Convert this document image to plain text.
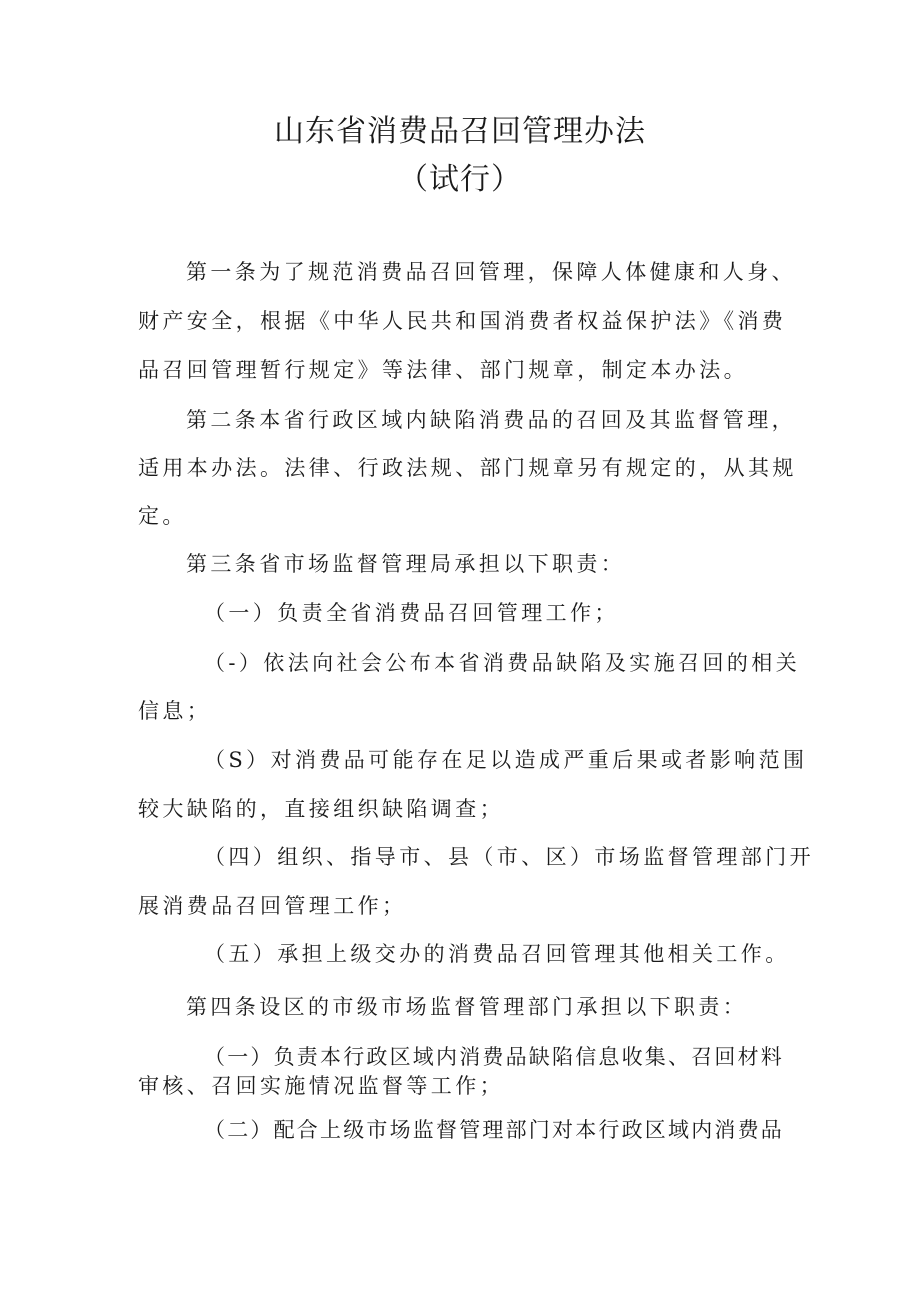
山东省消费品召回管理办法
（试行）
第一条为了规范消费品召回管理，保障人体健康和人身、
财产安全，根据《中华人民共和国消费者权益保护法》《消费
品召回管理暂行规定》等法律、部门规章，制定本办法。
第二条本省行政区域内缺陷消费品的召回及其监督管理，
适用本办法。法律、行政法规、部门规章另有规定的，从其规
定。
第三条省市场监督管理局承担以下职责：
（一）负责全省消费品召回管理工作；
（-）依法向社会公布本省消费品缺陷及实施召回的相关
信息；
（S）对消费品可能存在足以造成严重后果或者影响范围
较大缺陷的，直接组织缺陷调查；
（四）组织、指导市、县（市、区）市场监督管理部门开
展消费品召回管理工作；
（五）承担上级交办的消费品召回管理其他相关工作。
第四条设区的市级市场监督管理部门承担以下职责：
（一）负责本行政区域内消费品缺陷信息收集、召回材料
审核、召回实施情况监督等工作；
（二）配合上级市场监督管理部门对本行政区域内消费品
